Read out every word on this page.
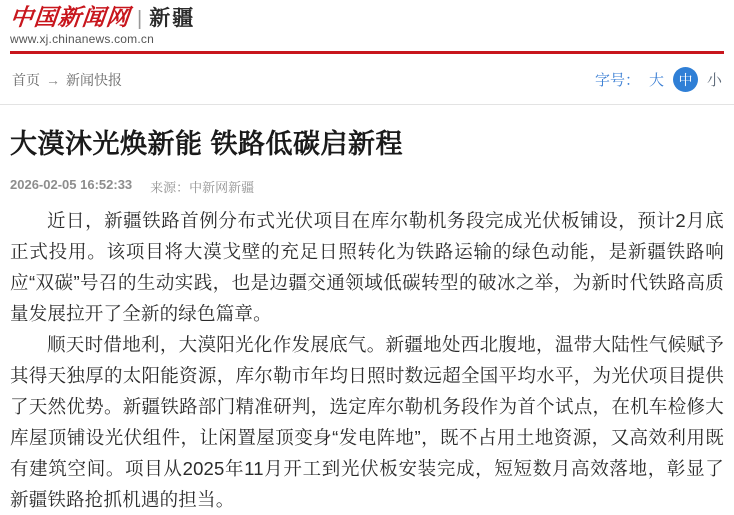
中国新闻网 | 新疆
www.xj.chinanews.com.cn
首页 → 新闻快报	字号： 大	中 小
大漠沐光焕新能 铁路低碳启新程
2026-02-05 16:52:33 来源：中新网新疆

近日，新疆铁路首例分布式光伏项目在库尔勒机务段完成光伏板铺设，预计2月底正式投用。该项目将大漠戈壁的充足日照转化为铁路运输的绿色动能，是新疆铁路响应“双碳”号召的生动实践，也是边疆交通领域低碳转型的破冰之举，为新时代铁路高质量发展拉开了全新的绿色篇章。

顺天时借地利，大漠阳光化作发展底气。新疆地处西北腹地，温带大陆性气候赋予其得天独厚的太阳能资源，库尔勒市年均日照时数远超全国平均水平，为光伏项目提供了天然优势。新疆铁路部门精准研判，选定库尔勒机务段作为首个试点，在机车检修大库屋顶铺设光伏组件，让闲置屋顶变身“发电阵地”，既不占用土地资源，又高效利用既有建筑空间。项目从2025年11月开工到光伏板安装完成，短短数月高效落地，彰显了新疆铁路抢抓机遇的担当。
